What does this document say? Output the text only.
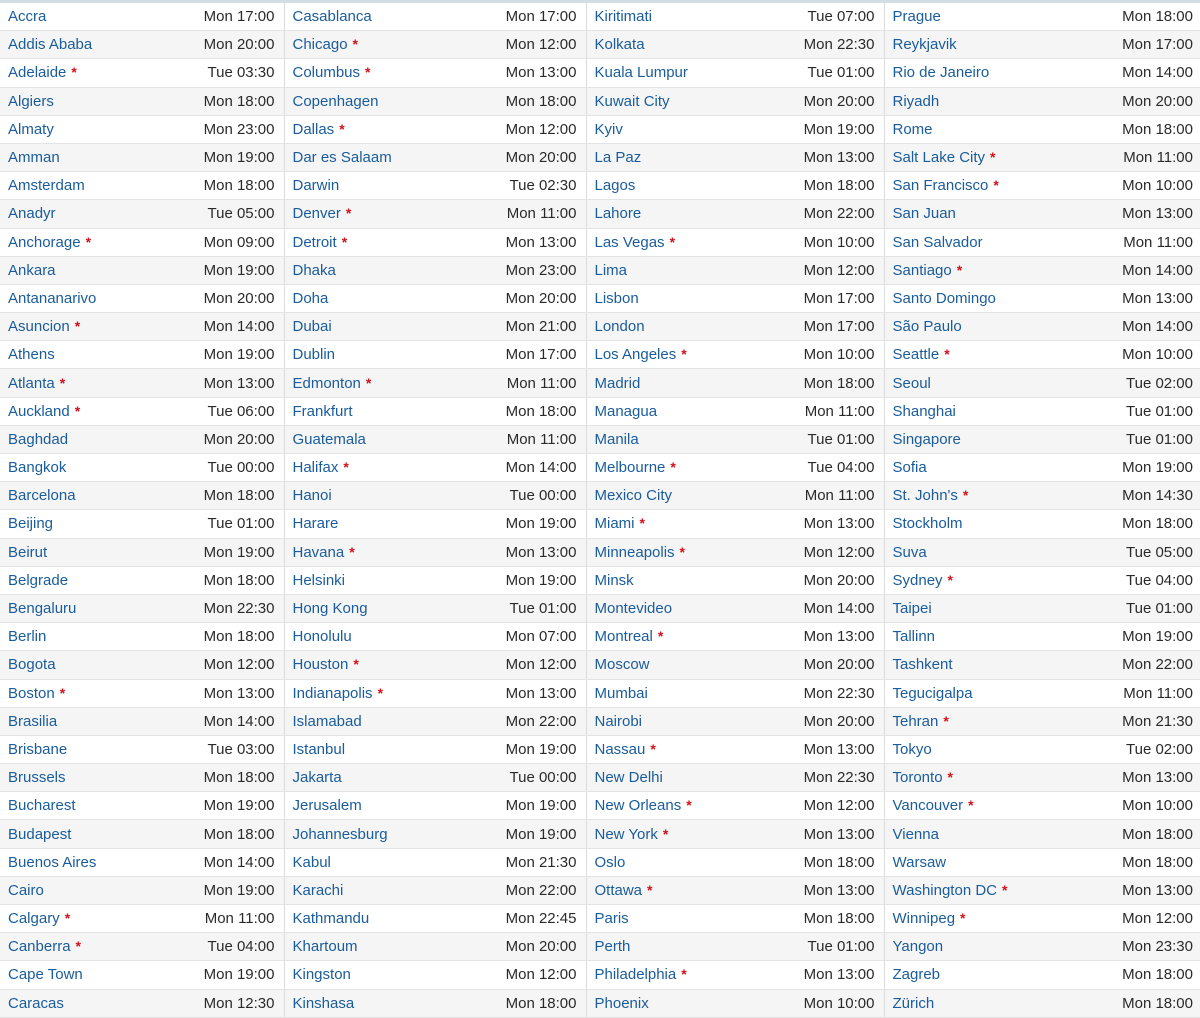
Accra	Mon 17:00	Casablanca	Mon 17:00	Kiritimati	Tue 07:00	Prague	Mon 18:00
Addis Ababa	Mon 20:00	Chicago *	Mon 12:00	Kolkata	Mon 22:30	Reykjavik	Mon 17:00
Adelaide *	Tue 03:30	Columbus *	Mon 13:00	Kuala Lumpur	Tue 01:00	Rio de Janeiro	Mon 14:00
Algiers	Mon 18:00	Copenhagen	Mon 18:00	Kuwait City	Mon 20:00	Riyadh	Mon 20:00
Almaty	Mon 23:00	Dallas *	Mon 12:00	Kyiv	Mon 19:00	Rome	Mon 18:00
Amman	Mon 19:00	Dar es Salaam	Mon 20:00	La Paz	Mon 13:00	Salt Lake City *	Mon 11:00
Amsterdam	Mon 18:00	Darwin	Tue 02:30	Lagos	Mon 18:00	San Francisco *	Mon 10:00
Anadyr	Tue 05:00	Denver *	Mon 11:00	Lahore	Mon 22:00	San Juan	Mon 13:00
Anchorage *	Mon 09:00	Detroit *	Mon 13:00	Las Vegas *	Mon 10:00	San Salvador	Mon 11:00
Ankara	Mon 19:00	Dhaka	Mon 23:00	Lima	Mon 12:00	Santiago *	Mon 14:00
Antananarivo	Mon 20:00	Doha	Mon 20:00	Lisbon	Mon 17:00	Santo Domingo	Mon 13:00
Asuncion *	Mon 14:00	Dubai	Mon 21:00	London	Mon 17:00	São Paulo	Mon 14:00
Athens	Mon 19:00	Dublin	Mon 17:00	Los Angeles *	Mon 10:00	Seattle *	Mon 10:00
Atlanta *	Mon 13:00	Edmonton *	Mon 11:00	Madrid	Mon 18:00	Seoul	Tue 02:00
Auckland *	Tue 06:00	Frankfurt	Mon 18:00	Managua	Mon 11:00	Shanghai	Tue 01:00
Baghdad	Mon 20:00	Guatemala	Mon 11:00	Manila	Tue 01:00	Singapore	Tue 01:00
Bangkok	Tue 00:00	Halifax *	Mon 14:00	Melbourne *	Tue 04:00	Sofia	Mon 19:00
Barcelona	Mon 18:00	Hanoi	Tue 00:00	Mexico City	Mon 11:00	St. John's *	Mon 14:30
Beijing	Tue 01:00	Harare	Mon 19:00	Miami *	Mon 13:00	Stockholm	Mon 18:00
Beirut	Mon 19:00	Havana *	Mon 13:00	Minneapolis *	Mon 12:00	Suva	Tue 05:00
Belgrade	Mon 18:00	Helsinki	Mon 19:00	Minsk	Mon 20:00	Sydney *	Tue 04:00
Bengaluru	Mon 22:30	Hong Kong	Tue 01:00	Montevideo	Mon 14:00	Taipei	Tue 01:00
Berlin	Mon 18:00	Honolulu	Mon 07:00	Montreal *	Mon 13:00	Tallinn	Mon 19:00
Bogota	Mon 12:00	Houston *	Mon 12:00	Moscow	Mon 20:00	Tashkent	Mon 22:00
Boston *	Mon 13:00	Indianapolis *	Mon 13:00	Mumbai	Mon 22:30	Tegucigalpa	Mon 11:00
Brasilia	Mon 14:00	Islamabad	Mon 22:00	Nairobi	Mon 20:00	Tehran *	Mon 21:30
Brisbane	Tue 03:00	Istanbul	Mon 19:00	Nassau *	Mon 13:00	Tokyo	Tue 02:00
Brussels	Mon 18:00	Jakarta	Tue 00:00	New Delhi	Mon 22:30	Toronto *	Mon 13:00
Bucharest	Mon 19:00	Jerusalem	Mon 19:00	New Orleans *	Mon 12:00	Vancouver *	Mon 10:00
Budapest	Mon 18:00	Johannesburg	Mon 19:00	New York *	Mon 13:00	Vienna	Mon 18:00
Buenos Aires	Mon 14:00	Kabul	Mon 21:30	Oslo	Mon 18:00	Warsaw	Mon 18:00
Cairo	Mon 19:00	Karachi	Mon 22:00	Ottawa *	Mon 13:00	Washington DC *	Mon 13:00
Calgary *	Mon 11:00	Kathmandu	Mon 22:45	Paris	Mon 18:00	Winnipeg *	Mon 12:00
Canberra *	Tue 04:00	Khartoum	Mon 20:00	Perth	Tue 01:00	Yangon	Mon 23:30
Cape Town	Mon 19:00	Kingston	Mon 12:00	Philadelphia *	Mon 13:00	Zagreb	Mon 18:00
Caracas	Mon 12:30	Kinshasa	Mon 18:00	Phoenix	Mon 10:00	Zürich	Mon 18:00
